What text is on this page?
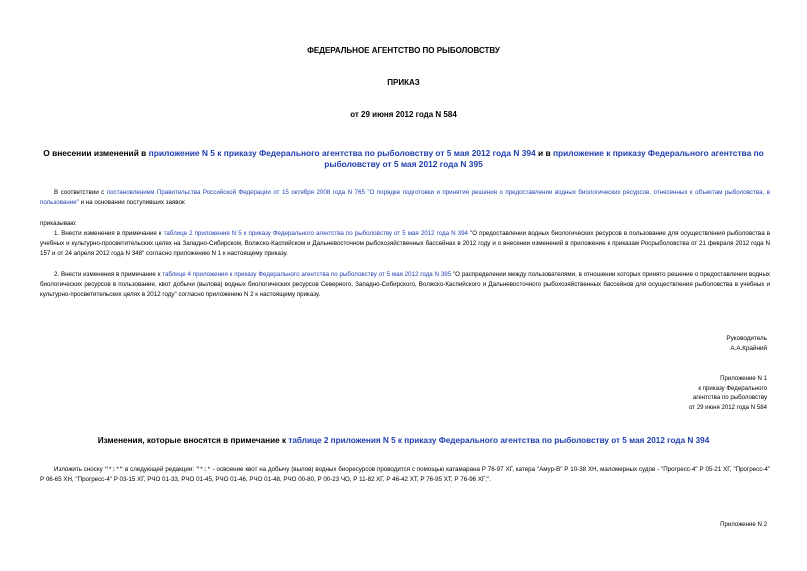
ФЕДЕРАЛЬНОЕ АГЕНТСТВО ПО РЫБОЛОВСТВУ
ПРИКАЗ
от 29 июня 2012 года N 584
О внесении изменений в приложение N 5 к приказу Федерального агентства по рыболовству от 5 мая 2012 года N 394 и в приложение к приказу Федерального агентства по рыболовству от 5 мая 2012 года N 395
В соответствии с постановлением Правительства Российской Федерации от 15 октября 2008 года N 765 "О порядке подготовки и принятия решения о предоставлении водных биологических ресурсов, отнесенных к объектам рыболовства, в пользование" и на основании поступивших заявок
приказываю:
1. Внести изменения в примечание к таблице 2 приложения N 5 к приказу Федерального агентства по рыболовству от 5 мая 2012 года N 394 "О предоставлении водных биологических ресурсов в пользование для осуществления рыболовства в учебных и культурно-просветительских целях на Западно-Сибирском, Волжско-Каспийском и Дальневосточном рыбохозяйственных бассейнах в 2012 году и о внесении изменений в приложение к приказам Росрыболовства от 21 февраля 2012 года N 157 и от 24 апреля 2012 года N 348" согласно приложению N 1 к настоящему приказу.
2. Внести изменения в примечание к таблице 4 приложения к приказу Федерального агентства по рыболовству от 5 мая 2012 года N 395 "О распределении между пользователями, в отношении которых принято решение о предоставлении водных биологических ресурсов в пользование, квот добычи (вылова) водных биологических ресурсов Северного, Западно-Сибирского, Волжско-Каспийского и Дальневосточного рыбохозяйственных бассейнов для осуществления рыболовства в учебных и культурно-просветительских целях в 2012 году" согласно приложению N 2 к настоящему приказу.
Руководитель
А.А.Крайний
Приложение N 1
к приказу Федерального
агентства по рыболовству
от 29 июня 2012 года N 584
Изменения, которые вносятся в примечание к таблице 2 приложения N 5 к приказу Федерального агентства по рыболовству от 5 мая 2012 года N 394
Изложить сноску "*:*" в следующей редакции: "*:* - освоение квот на добычу (вылов) водных биоресурсов проводится с помощью катамарана Р 76-97 ХГ, катера "Амур-В" Р 10-38 ХН, маломерных судов - "Прогресс-4" Р 05-21 ХГ, "Прогресс-4" Р 06-65 ХН, "Прогресс-4" Р 03-15 ХГ, РЧО 01-33, РЧО 01-45, РЧО 01-46, РЧО 01-48, РЧО 00-80, Р 00-23 ЧО, Р 11-82 ХГ, Р 46-42 ХТ, Р 76-95 ХТ, Р 76-96 ХГ;".
Приложение N 2
